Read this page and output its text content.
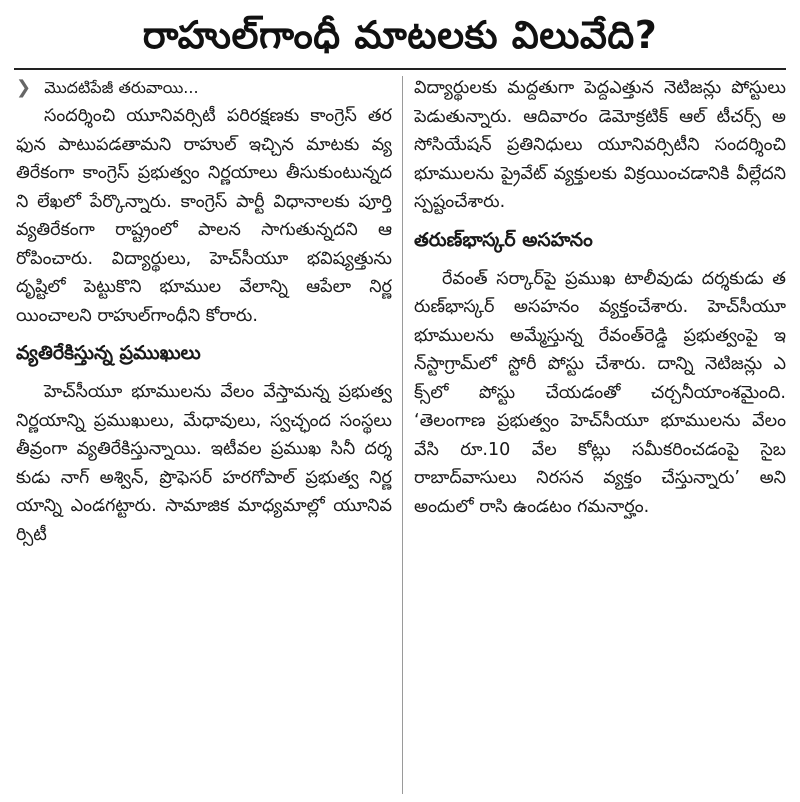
రాహుల్‌గాంధీ మాటలకు విలువేది?
❯ మొదటిపేజీ తరువాయి...

సందర్శించి యూనివర్సిటీ పరిరక్షణకు కాంగ్రెస్ తరఫున పాటుపడతామని రాహుల్ ఇచ్చిన మాటకు వ్యతిరేకంగా కాంగ్రెస్ ప్రభుత్వం నిర్ణయాలు తీసుకుంటున్నదని లేఖలో పేర్కొన్నారు. కాంగ్రెస్ పార్టీ విధానాలకు పూర్తి వ్యతిరేకంగా రాష్ట్రంలో పాలన సాగుతున్నదని ఆరోపించారు. విద్యార్థులు, హెచ్‌సీయూ భవిష్యత్తును దృష్టిలో పెట్టుకొని భూముల వేలాన్ని ఆపేలా నిర్ణయించాలని రాహుల్‌గాంధీని కోరారు.

వ్యతిరేకిస్తున్న ప్రముఖులు

హెచ్‌సీయూ భూములను వేలం వేస్తామన్న ప్రభుత్వ నిర్ణయాన్ని ప్రముఖులు, మేధావులు, స్వచ్ఛంద సంస్థలు తీవ్రంగా వ్యతిరేకిస్తున్నాయి. ఇటీవల ప్రముఖ సినీ దర్శకుడు నాగ్ అశ్విన్, ప్రొఫెసర్ హరగోపాల్ ప్రభుత్వ నిర్ణయాన్ని ఎండగట్టారు. సామాజిక మాధ్యమాల్లో యూనివర్సిటీ

విద్యార్థులకు మద్దతుగా పెద్దఎత్తున నెటిజన్లు పోస్టులు పెడుతున్నారు. ఆదివారం డెమోక్రటిక్ ఆల్ టీచర్స్ అసోసియేషన్ ప్రతినిధులు యూనివర్సిటీని సందర్శించి భూములను ప్రైవేట్ వ్యక్తులకు విక్రయించడానికి వీల్లేదని స్పష్టంచేశారు.

తరుణ్‌భాస్కర్ అసహనం

రేవంత్ సర్కార్‌పై ప్రముఖ టాలీవుడు దర్శకుడు తరుణ్‌భాస్కర్ అసహనం వ్యక్తంచేశారు. హెచ్‌సీయూ భూములను అమ్మేస్తున్న రేవంత్‌రెడ్డి ప్రభుత్వంపై ఇన్‌స్టాగ్రామ్‌లో స్టోరీ పోస్టు చేశారు. దాన్ని నెటిజన్లు ఎక్స్‌లో పోస్టు చేయడంతో చర్చనీయాంశమైంది. ‘తెలంగాణ ప్రభుత్వం హెచ్‌సీయూ భూములను వేలం వేసి రూ.10 వేల కోట్లు సమీకరించడంపై సైబరాబాద్‌వాసులు నిరసన వ్యక్తం చేస్తున్నారు’ అని అందులో రాసి ఉండటం గమనార్హం.
